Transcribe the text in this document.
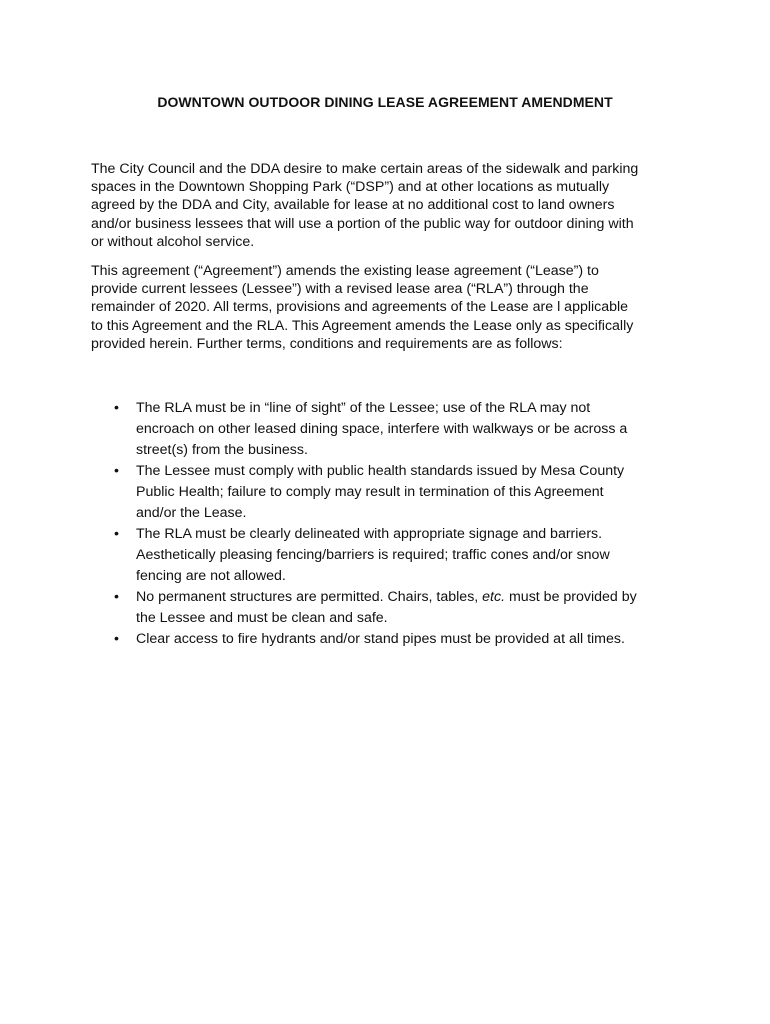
DOWNTOWN OUTDOOR DINING LEASE AGREEMENT AMENDMENT

The City Council and the DDA desire to make certain areas of the sidewalk and parking
spaces in the Downtown Shopping Park (“DSP”) and at other locations as mutually
agreed by the DDA and City, available for lease at no additional cost to land owners
and/or business lessees that will use a portion of the public way for outdoor dining with
or without alcohol service.

This agreement (“Agreement”) amends the existing lease agreement (“Lease”) to
provide current lessees (Lessee”) with a revised lease area (“RLA”) through the
remainder of 2020. All terms, provisions and agreements of the Lease are l applicable
to this Agreement and the RLA. This Agreement amends the Lease only as specifically
provided herein. Further terms, conditions and requirements are as follows:

• The RLA must be in “line of sight” of the Lessee; use of the RLA may not
encroach on other leased dining space, interfere with walkways or be across a
street(s) from the business.
• The Lessee must comply with public health standards issued by Mesa County
Public Health; failure to comply may result in termination of this Agreement
and/or the Lease.
• The RLA must be clearly delineated with appropriate signage and barriers.
Aesthetically pleasing fencing/barriers is required; traffic cones and/or snow
fencing are not allowed.
• No permanent structures are permitted. Chairs, tables, etc. must be provided by
the Lessee and must be clean and safe.
• Clear access to fire hydrants and/or stand pipes must be provided at all times.
